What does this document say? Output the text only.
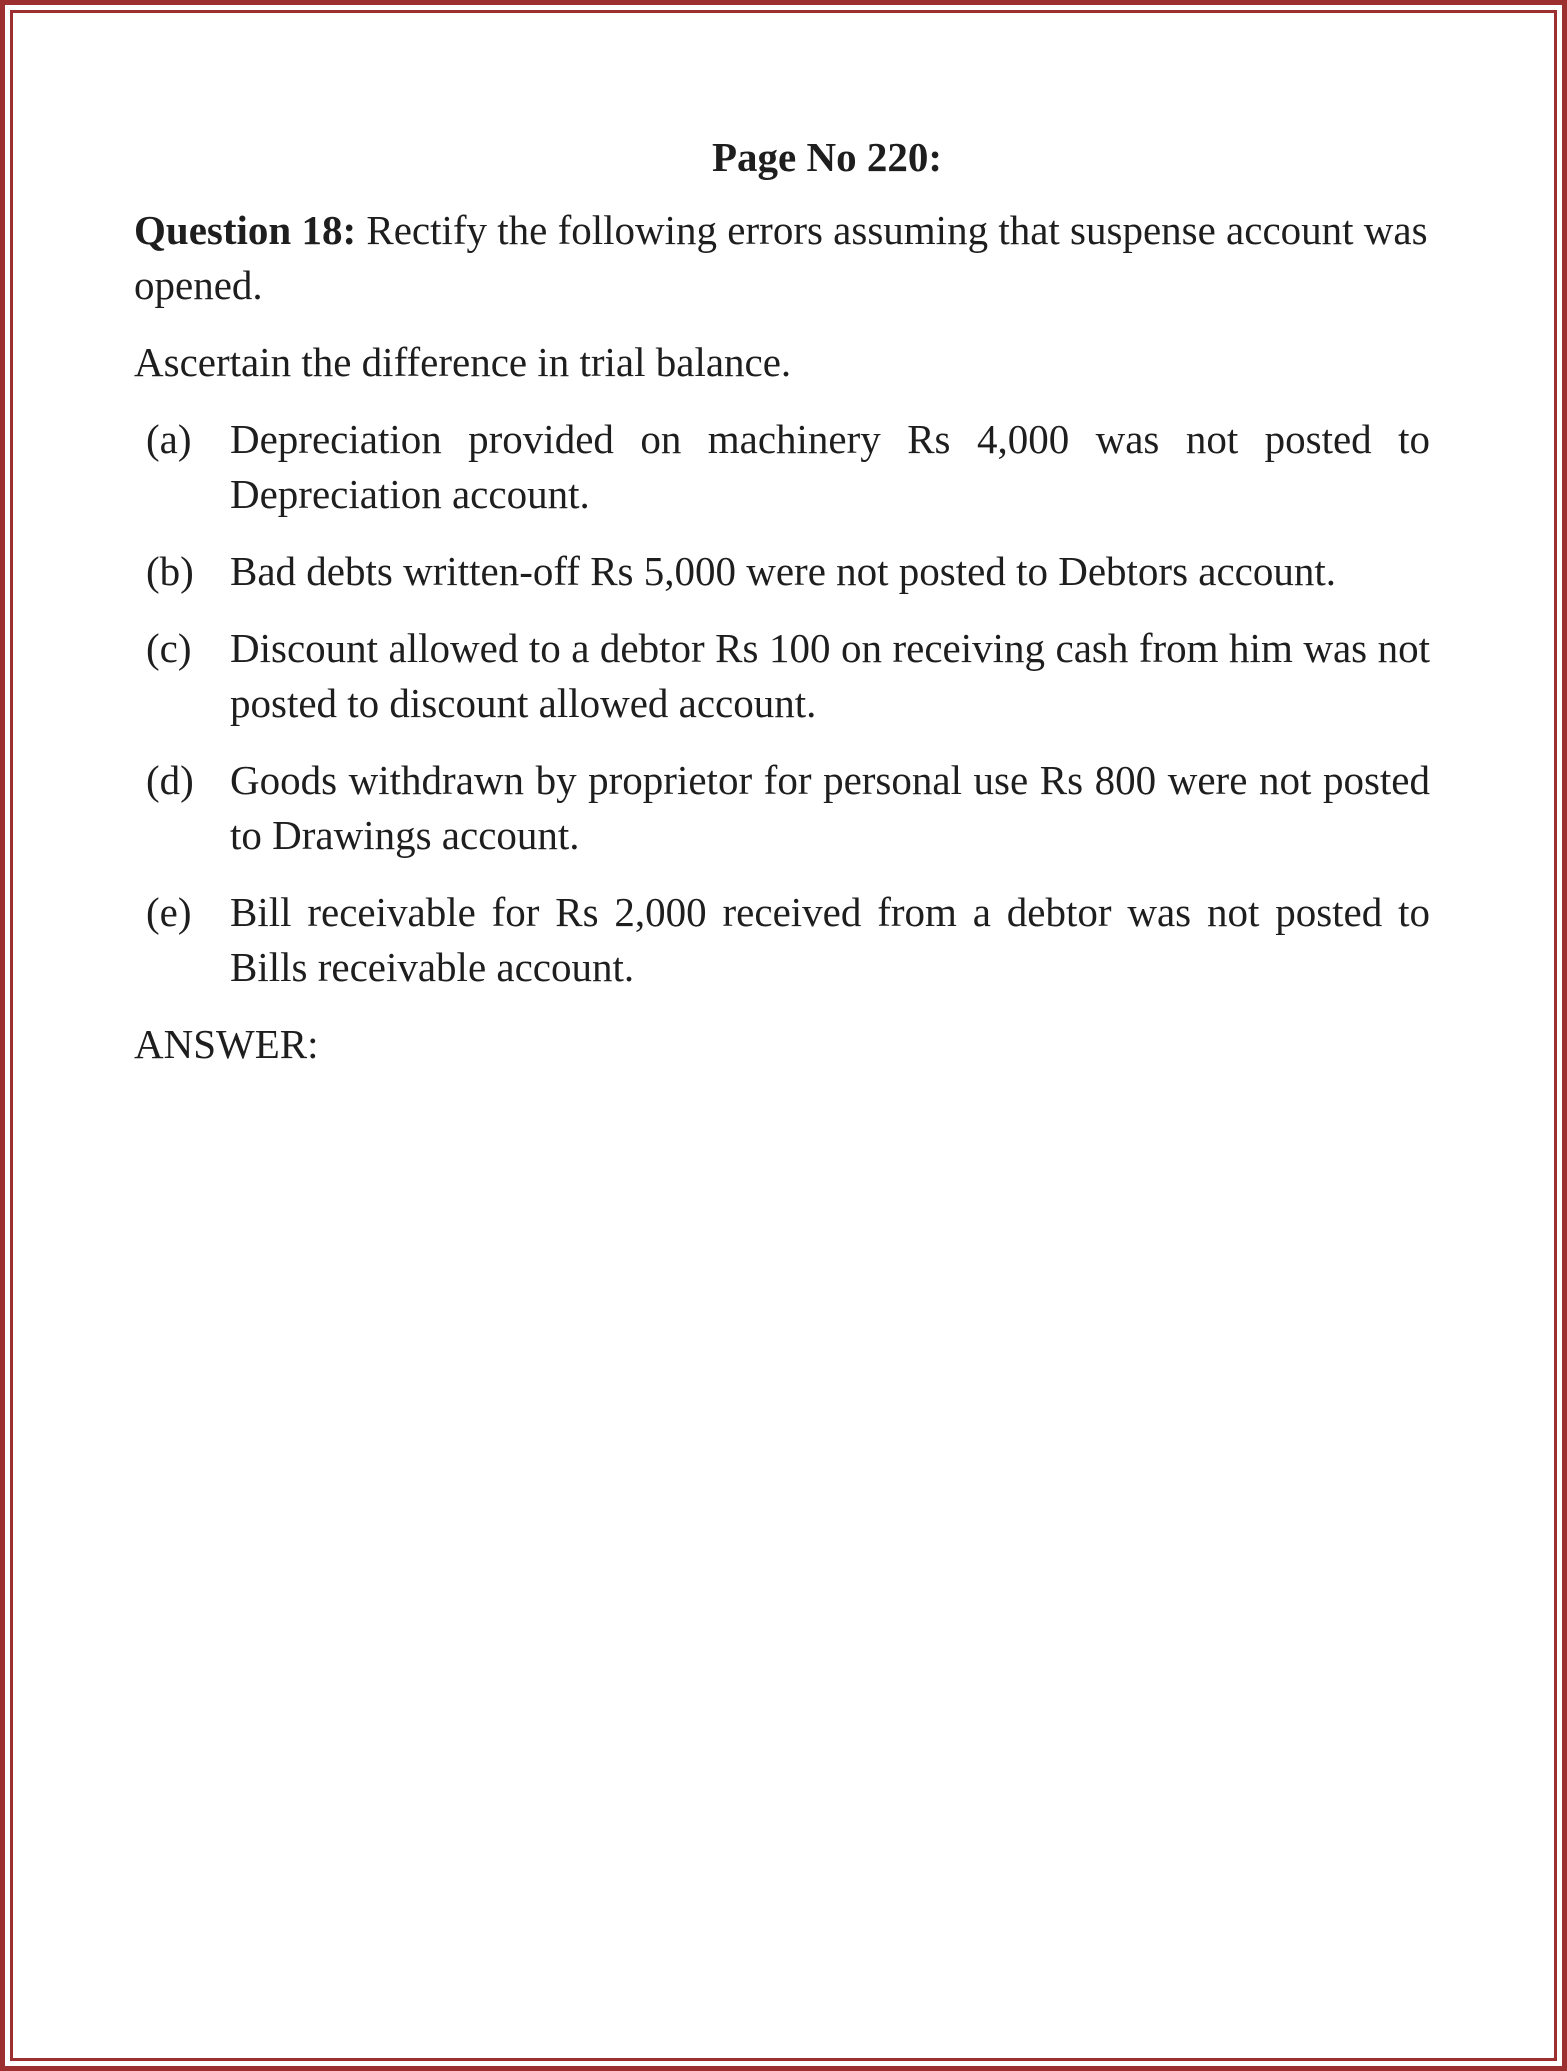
Page No 220:
Question 18: Rectify the following errors assuming that suspense account was opened.
Ascertain the difference in trial balance.
(a) Depreciation provided on machinery Rs 4,000 was not posted to Depreciation account.
(b) Bad debts written-off Rs 5,000 were not posted to Debtors account.
(c) Discount allowed to a debtor Rs 100 on receiving cash from him was not posted to discount allowed account.
(d) Goods withdrawn by proprietor for personal use Rs 800 were not posted to Drawings account.
(e) Bill receivable for Rs 2,000 received from a debtor was not posted to Bills receivable account.
ANSWER:
